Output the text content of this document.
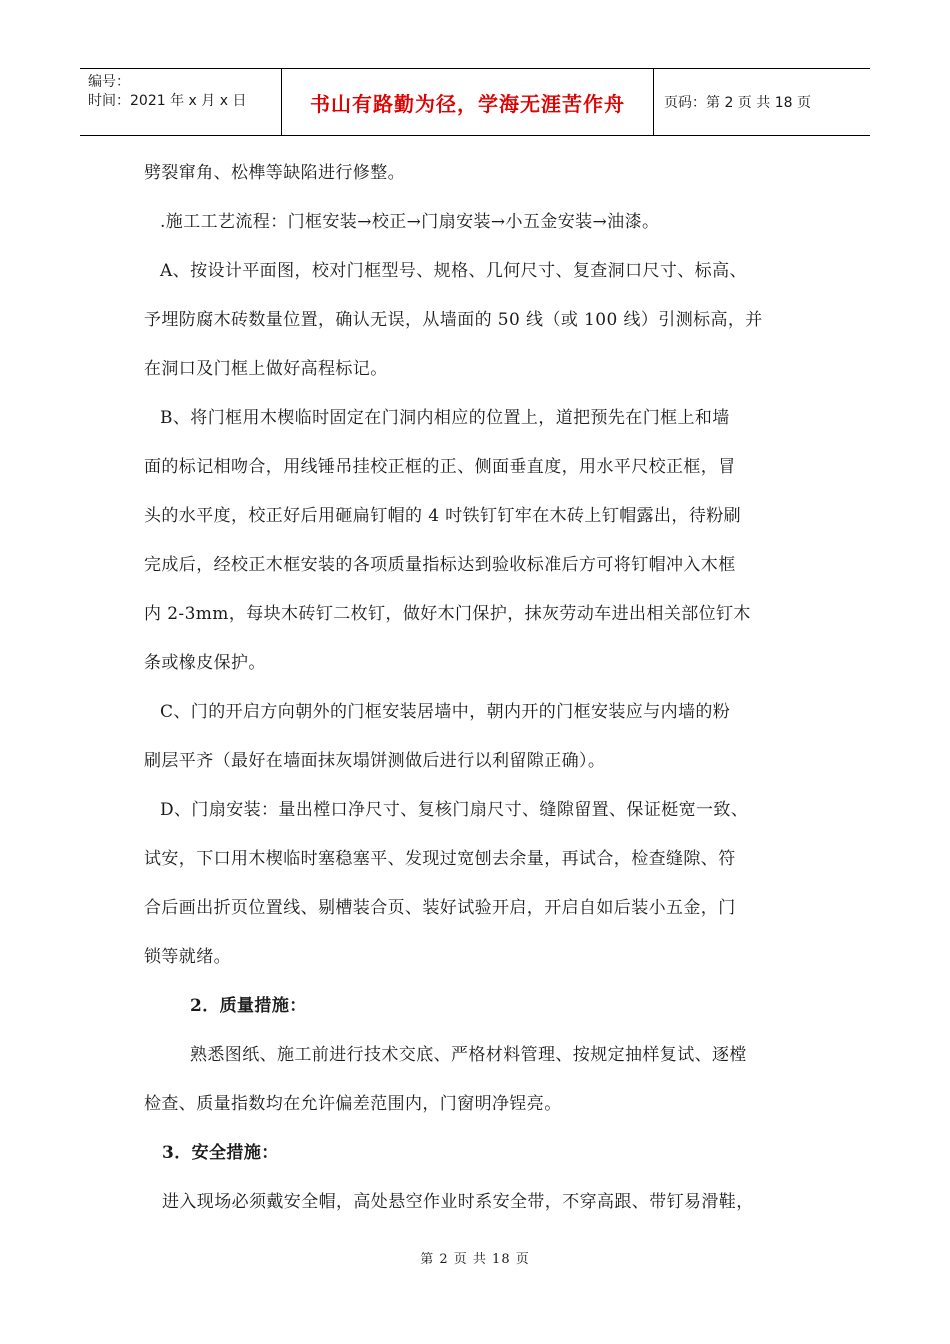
编号：
时间：2021 年 x 月 x 日	书山有路勤为径，学海无涯苦作舟	页码：第 2 页 共 18 页
劈裂窜角、松榫等缺陷进行修整。
.施工工艺流程：门框安装→校正→门扇安装→小五金安装→油漆。
A、按设计平面图，校对门框型号、规格、几何尺寸、复查洞口尺寸、标高、
予埋防腐木砖数量位置，确认无误，从墙面的 50 线（或 100 线）引测标高，并
在洞口及门框上做好高程标记。
B、将门框用木楔临时固定在门洞内相应的位置上，道把预先在门框上和墙
面的标记相吻合，用线锤吊挂校正框的正、侧面垂直度，用水平尺校正框，冒
头的水平度，校正好后用砸扁钉帽的 4 吋铁钉钉牢在木砖上钉帽露出，待粉刷
完成后，经校正木框安装的各项质量指标达到验收标准后方可将钉帽冲入木框
内 2-3mm，每块木砖钉二枚钉，做好木门保护，抹灰劳动车进出相关部位钉木
条或橡皮保护。
C、门的开启方向朝外的门框安装居墙中，朝内开的门框安装应与内墙的粉
刷层平齐（最好在墙面抹灰塌饼测做后进行以利留隙正确）。
D、门扇安装：量出樘口净尺寸、复核门扇尺寸、缝隙留置、保证梃宽一致、
试安，下口用木楔临时塞稳塞平、发现过宽刨去余量，再试合，检查缝隙、符
合后画出折页位置线、剔槽装合页、装好试验开启，开启自如后装小五金，门
锁等就绪。
2．质量措施：
熟悉图纸、施工前进行技术交底、严格材料管理、按规定抽样复试、逐樘
检查、质量指数均在允许偏差范围内，门窗明净锃亮。
3．安全措施：
进入现场必须戴安全帽，高处悬空作业时系安全带，不穿高跟、带钉易滑鞋，
第 2 页 共 18 页
